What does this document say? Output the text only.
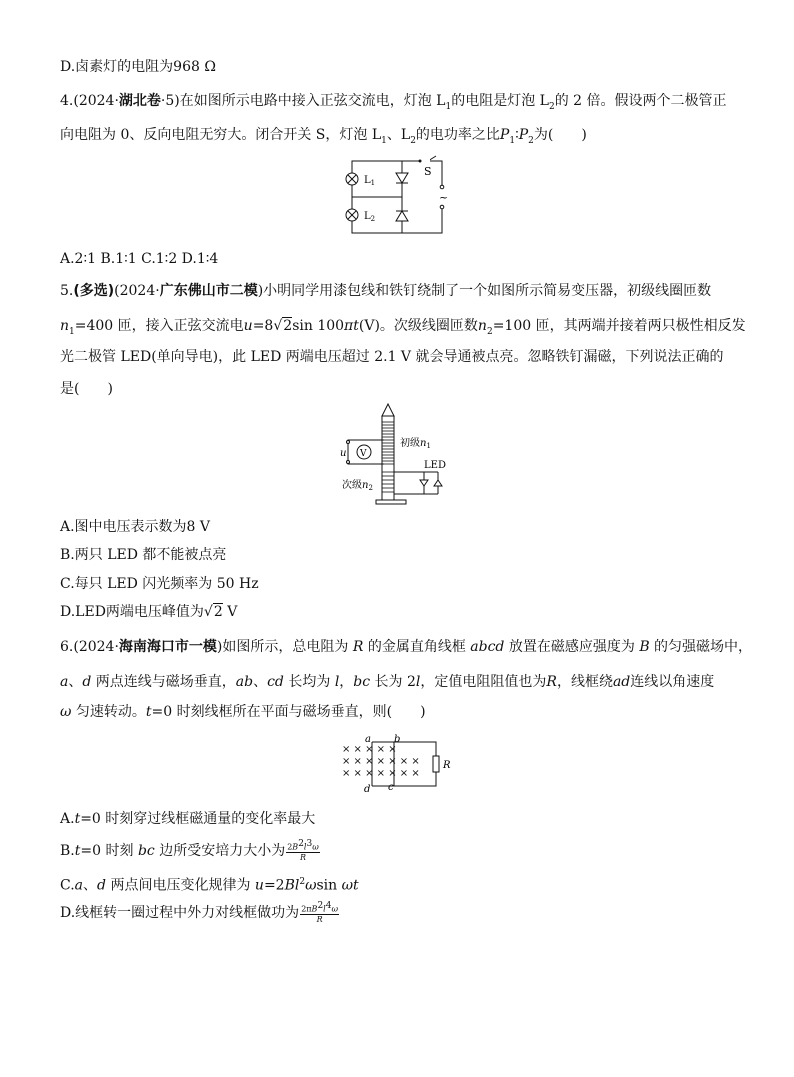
D.卤素灯的电阻为968 Ω
4.(2024·湖北卷·5)在如图所示电路中接入正弦交流电，灯泡 $L_1$的电阻是灯泡 $L_2$的 2 倍。假设两个二极管正
向电阻为 0、反向电阻无穷大。闭合开关 S，灯泡 $L_1$、$L_2$的电功率之比$P_1∶P_2$为(　　)
$L_1$
$L_2$
S
~
A.2∶1 B.1∶1 C.1∶2 D.1∶4
5.(多选)(2024·广东佛山市二模)小明同学用漆包线和铁钉绕制了一个如图所示简易变压器，初级线圈匝数
$n_1=400$ 匝，接入正弦交流电u=8√2sin 100πt(V)。次级线圈匝数$n_2=100$ 匝，其两端并接着两只极性相反发
光二极管 LED(单向导电)，此 LED 两端电压超过 2.1 V 就会导通被点亮。忽略铁钉漏磁，下列说法正确的
是(　　)
u V
初级$n_1$
次级$n_2$
LED
A.图中电压表示数为8 V
B.两只 LED 都不能被点亮
C.每只 LED 闪光频率为 50 Hz
D.LED两端电压峰值为√2 V
6.(2024·海南海口市一模)如图所示，总电阻为 R 的金属直角线框 abcd 放置在磁感应强度为 B 的匀强磁场中，
a、d 两点连线与磁场垂直，ab、cd 长均为 l，bc 长为 2l，定值电阻阻值也为R，线框绕ad连线以角速度
ω 匀速转动。t=0 时刻线框所在平面与磁场垂直，则(　　)
× × × × ×
× × × × × × ×
× × × × × × ×
a b
d c
R
A.t=0 时刻穿过线框磁通量的变化率最大
B.t=0 时刻 bc 边所受安培力大小为 $\frac{2B^2l^3\omega}{R}$
C.a、d 两点间电压变化规律为 $u=2Bl^2\omega\sin$ ωt
D.线框转一圈过程中外力对线框做功为 $\frac{2\pi B^2l^4\omega}{R}$
